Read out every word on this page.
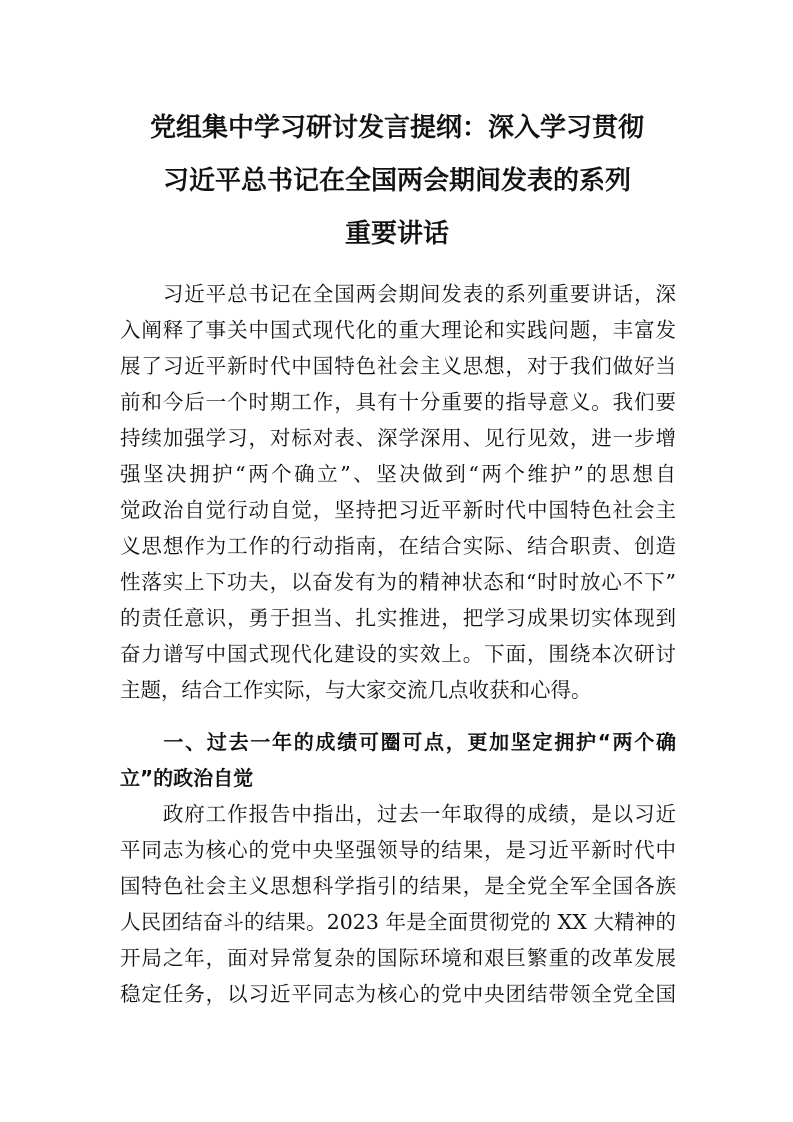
党组集中学习研讨发言提纲：深入学习贯彻
习近平总书记在全国两会期间发表的系列
重要讲话

　　习近平总书记在全国两会期间发表的系列重要讲话，深
入阐释了事关中国式现代化的重大理论和实践问题，丰富发
展了习近平新时代中国特色社会主义思想，对于我们做好当
前和今后一个时期工作，具有十分重要的指导意义。我们要
持续加强学习，对标对表、深学深用、见行见效，进一步增
强坚决拥护“两个确立”、坚决做到“两个维护”的思想自
觉政治自觉行动自觉，坚持把习近平新时代中国特色社会主
义思想作为工作的行动指南，在结合实际、结合职责、创造
性落实上下功夫，以奋发有为的精神状态和“时时放心不下”
的责任意识，勇于担当、扎实推进，把学习成果切实体现到
奋力谱写中国式现代化建设的实效上。下面，围绕本次研讨
主题，结合工作实际，与大家交流几点收获和心得。

　　一、过去一年的成绩可圈可点，更加坚定拥护“两个确
立”的政治自觉

　　政府工作报告中指出，过去一年取得的成绩，是以习近
平同志为核心的党中央坚强领导的结果，是习近平新时代中
国特色社会主义思想科学指引的结果，是全党全军全国各族
人民团结奋斗的结果。2023 年是全面贯彻党的 XX 大精神的
开局之年，面对异常复杂的国际环境和艰巨繁重的改革发展
稳定任务，以习近平同志为核心的党中央团结带领全党全国
